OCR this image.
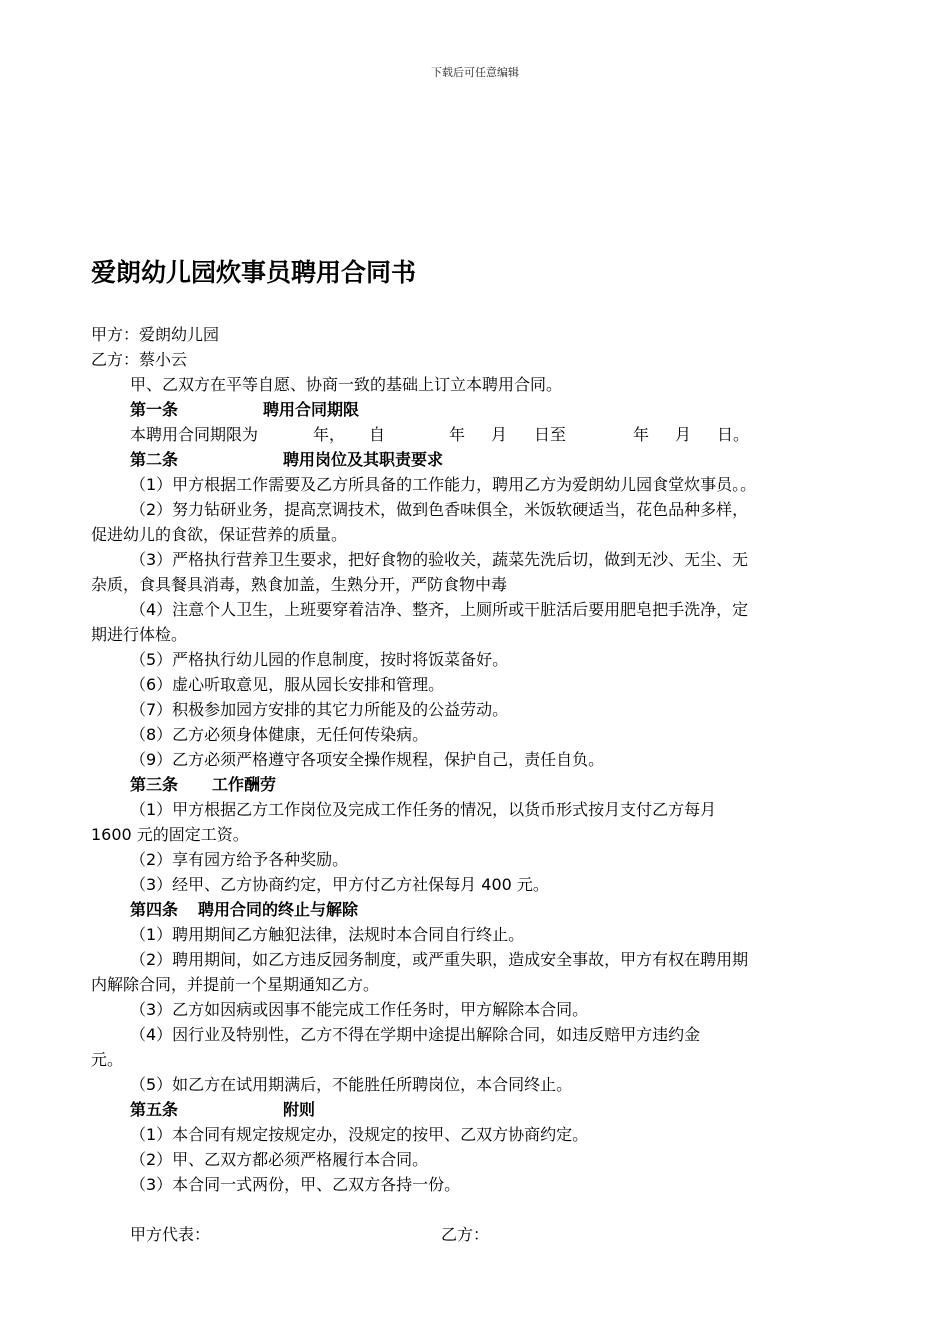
下载后可任意编辑
爱朗幼儿园炊事员聘用合同书
甲方：爱朗幼儿园
乙方：蔡小云
甲、乙双方在平等自愿、协商一致的基础上订立本聘用合同。
第一条	聘用合同期限
本聘用合同期限为	年， 自	年 月 日至	年 月 日。
第二条	聘用岗位及其职责要求
（1）甲方根据工作需要及乙方所具备的工作能力，聘用乙方为爱朗幼儿园食堂炊事员。。
（2）努力钻研业务，提高烹调技术，做到色香味俱全，米饭软硬适当，花色品种多样，
促进幼儿的食欲，保证营养的质量。
（3）严格执行营养卫生要求，把好食物的验收关，蔬菜先洗后切，做到无沙、无尘、无
杂质，食具餐具消毒，熟食加盖，生熟分开，严防食物中毒
（4）注意个人卫生，上班要穿着洁净、整齐，上厕所或干脏活后要用肥皂把手洗净，定
期进行体检。
（5）严格执行幼儿园的作息制度，按时将饭菜备好。
（6）虚心听取意见，服从园长安排和管理。
（7）积极参加园方安排的其它力所能及的公益劳动。
（8）乙方必须身体健康，无任何传染病。
（9）乙方必须严格遵守各项安全操作规程，保护自己，责任自负。
第三条 工作酬劳
（1）甲方根据乙方工作岗位及完成工作任务的情况，以货币形式按月支付乙方每月
1600 元的固定工资。
（2）享有园方给予各种奖励。
（3）经甲、乙方协商约定，甲方付乙方社保每月 400 元。
第四条 聘用合同的终止与解除
（1）聘用期间乙方触犯法律，法规时本合同自行终止。
（2）聘用期间，如乙方违反园务制度，或严重失职，造成安全事故，甲方有权在聘用期
内解除合同，并提前一个星期通知乙方。
（3）乙方如因病或因事不能完成工作任务时，甲方解除本合同。
（4）因行业及特别性，乙方不得在学期中途提出解除合同，如违反赔甲方违约金
元。
（5）如乙方在试用期满后，不能胜任所聘岗位，本合同终止。
第五条	附则
（1）本合同有规定按规定办，没规定的按甲、乙双方协商约定。
（2）甲、乙双方都必须严格履行本合同。
（3）本合同一式两份，甲、乙双方各持一份。
甲方代表：	乙方：
